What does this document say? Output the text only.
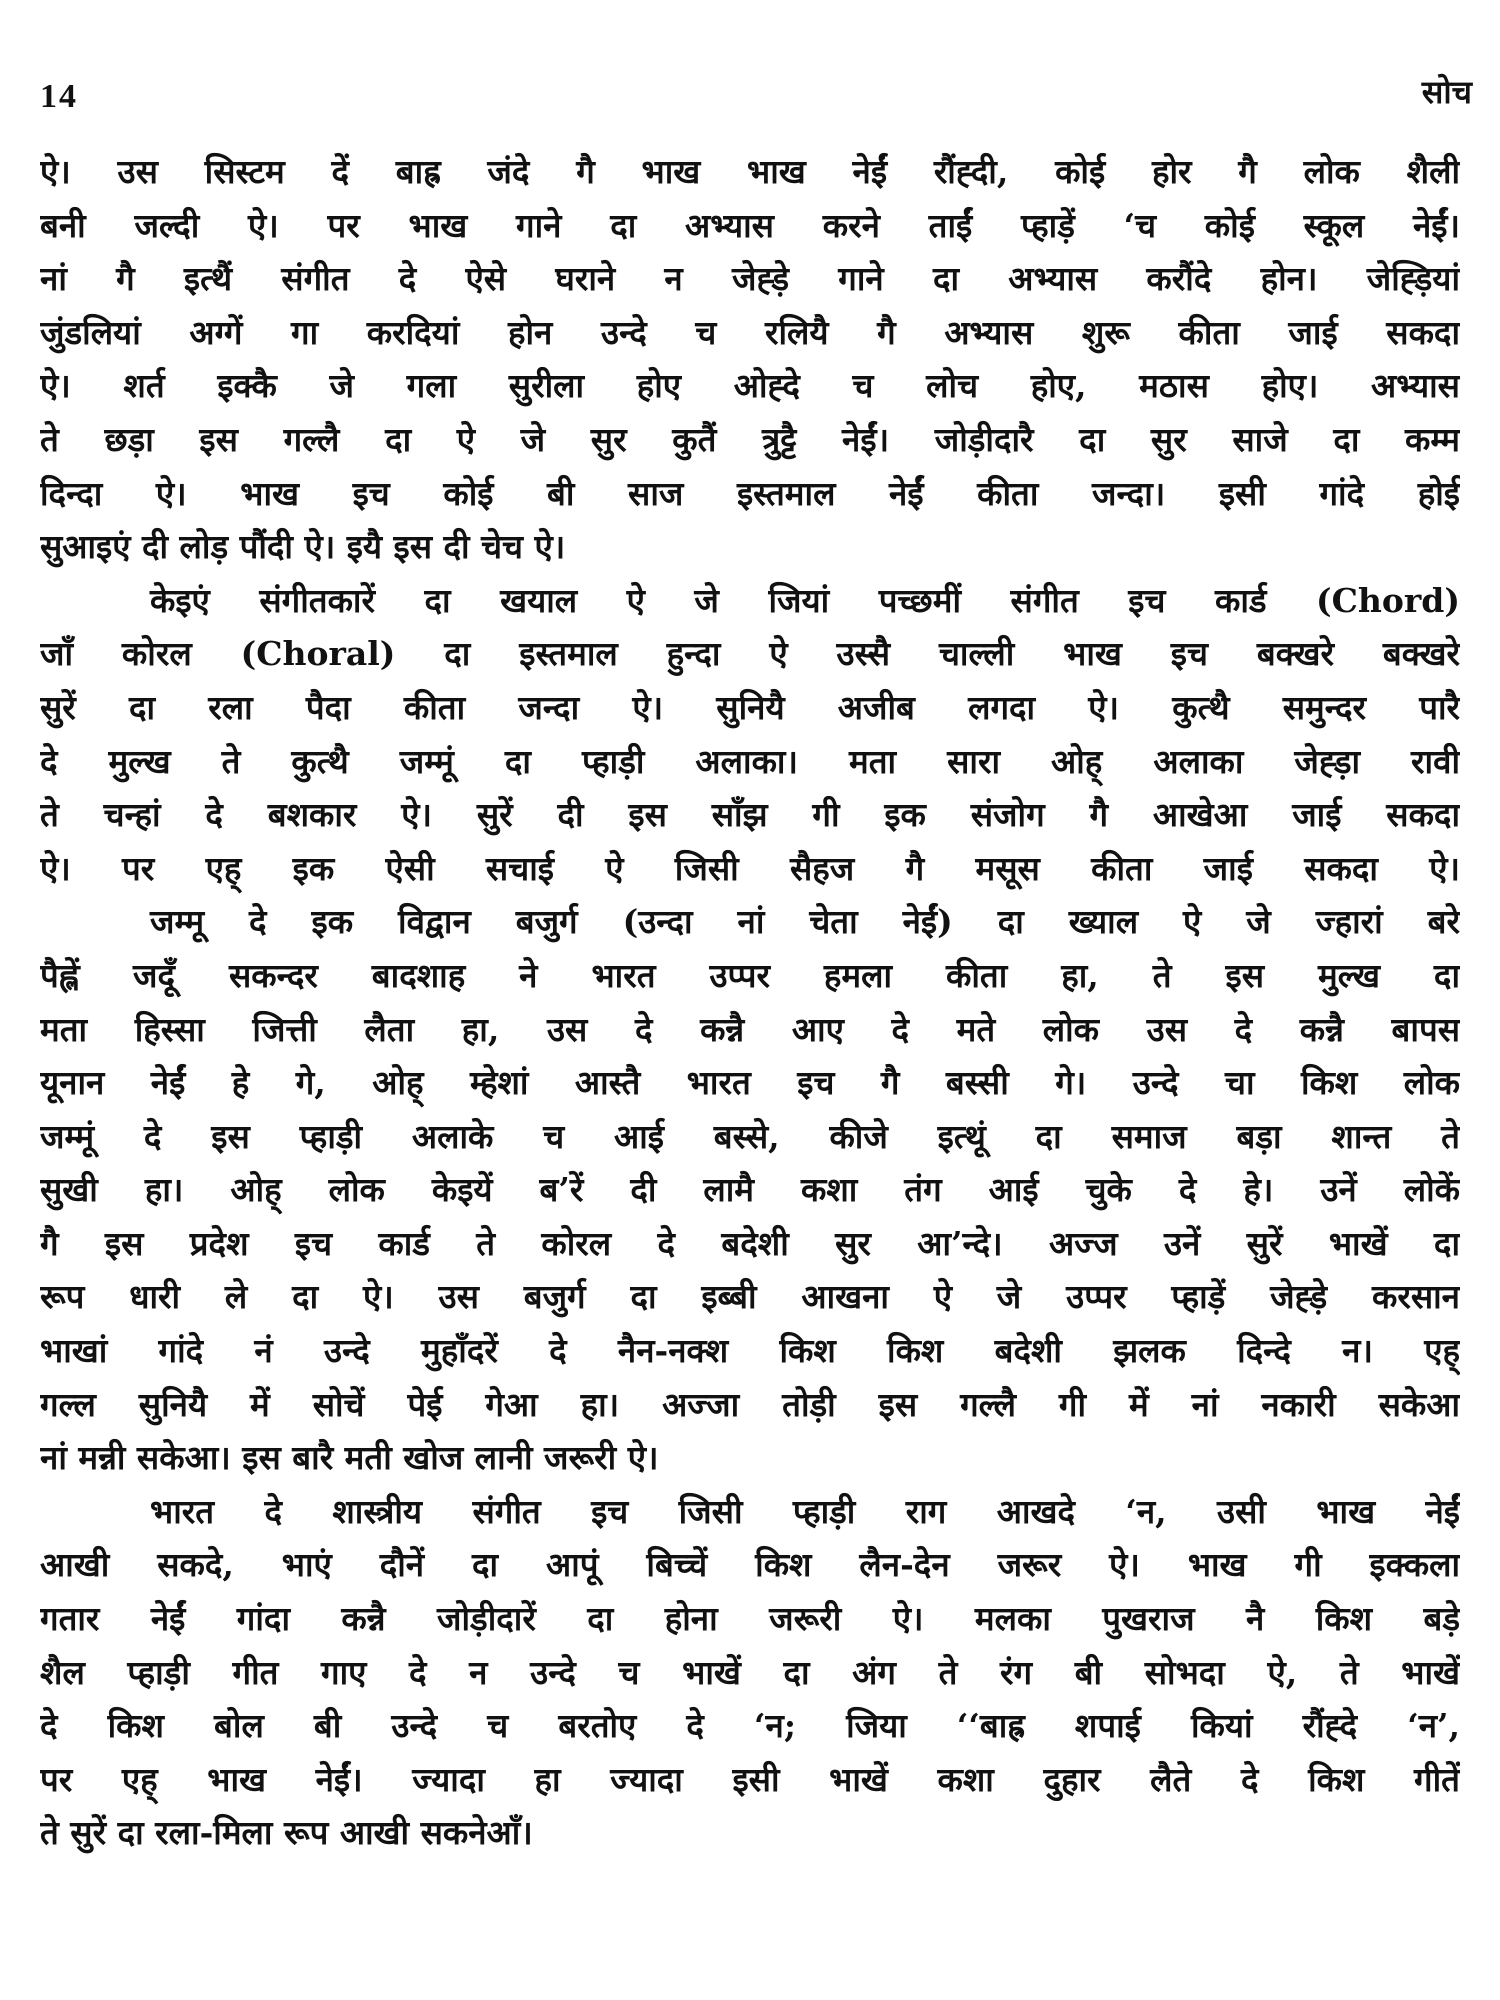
14	सोच
ऐ। उस सिस्टम दें बाह्र जंदे गै भाख भाख नेईं रौंह्दी, कोई होर गै लोक शैली
बनी जल्दी ऐ। पर भाख गाने दा अभ्यास करने ताईं प्हाड़ें ‘च कोई स्कूल नेईं।
नां गै इत्थैं संगीत दे ऐसे घराने न जेह्ड़े गाने दा अभ्यास करौंदे होन। जेह्ड़ियां
जुंडलियां अग्गें गा करदियां होन उन्दे च रलियै गै अभ्यास शुरू कीता जाई सकदा
ऐ। शर्त इक्कै जे गला सुरीला होए ओह्दे च लोच होए, मठास होए। अभ्यास
ते छड़ा इस गल्लै दा ऐ जे सुर कुतैं त्रुट्टै नेईं। जोड़ीदारै दा सुर साजे दा कम्म
दिन्दा ऐ। भाख इच कोई बी साज इस्तमाल नेईं कीता जन्दा। इसी गांदे होई
सुआइएं दी लोड़ पौंदी ऐ। इयै इस दी चेच ऐ।
केइएं संगीतकारें दा खयाल ऐ जे जियां पच्छमीं संगीत इच कार्ड (Chord)
जाँ कोरल (Choral) दा इस्तमाल हुन्दा ऐ उस्सै चाल्ली भाख इच बक्खरे बक्खरे
सुरें दा रला पैदा कीता जन्दा ऐ। सुनियै अजीब लगदा ऐ। कुत्थै समुन्दर पारै
दे मुल्ख ते कुत्थै जम्मूं दा प्हाड़ी अलाका। मता सारा ओह् अलाका जेह्ड़ा रावी
ते चन्हां दे बशकार ऐ। सुरें दी इस साँझ गी इक संजोग गै आखेआ जाई सकदा
ऐ। पर एह् इक ऐसी सचाई ऐ जिसी सैहज गै मसूस कीता जाई सकदा ऐ।
जम्मू दे इक विद्वान बजुर्ग (उन्दा नां चेता नेईं) दा ख्याल ऐ जे ज्हारां बरे
पैह्लें जदूँ सकन्दर बादशाह ने भारत उप्पर हमला कीता हा, ते इस मुल्ख दा
मता हिस्सा जित्ती लैता हा, उस दे कन्नै आए दे मते लोक उस दे कन्नै बापस
यूनान नेईं हे गे, ओह् म्हेशां आस्तै भारत इच गै बस्सी गे। उन्दे चा किश लोक
जम्मूं दे इस प्हाड़ी अलाके च आई बस्से, कीजे इत्थूं दा समाज बड़ा शान्त ते
सुखी हा। ओह् लोक केइयें ब’रें दी लामै कशा तंग आई चुके दे हे। उनें लोकें
गै इस प्रदेश इच कार्ड ते कोरल दे बदेशी सुर आ’न्दे। अज्ज उनें सुरें भाखें दा
रूप धारी ले दा ऐ। उस बजुर्ग दा इब्बी आखना ऐ जे उप्पर प्हाड़ें जेह्ड़े करसान
भाखां गांदे नं उन्दे मुहाँदरें दे नैन-नक्श किश किश बदेशी झलक दिन्दे न। एह्
गल्ल सुनियै में सोचें पेई गेआ हा। अज्जा तोड़ी इस गल्लै गी में नां नकारी सकेआ
नां मन्नी सकेआ। इस बारै मती खोज लानी जरूरी ऐ।
भारत दे शास्त्रीय संगीत इच जिसी प्हाड़ी राग आखदे ‘न, उसी भाख नेईं
आखी सकदे, भाएं दौनें दा आपूं बिच्चें किश लैन-देन जरूर ऐ। भाख गी इक्कला
गतार नेईं गांदा कन्नै जोड़ीदारें दा होना जरूरी ऐ। मलका पुखराज नै किश बड़े
शैल प्हाड़ी गीत गाए दे न उन्दे च भाखें दा अंग ते रंग बी सोभदा ऐ, ते भाखें
दे किश बोल बी उन्दे च बरतोए दे ‘न; जिया ‘‘बाह्र शपाई कियां रौंह्दे ‘न’,
पर एह् भाख नेईं। ज्यादा हा ज्यादा इसी भाखें कशा दुहार लैते दे किश गीतें
ते सुरें दा रला-मिला रूप आखी सकनेआँ।
